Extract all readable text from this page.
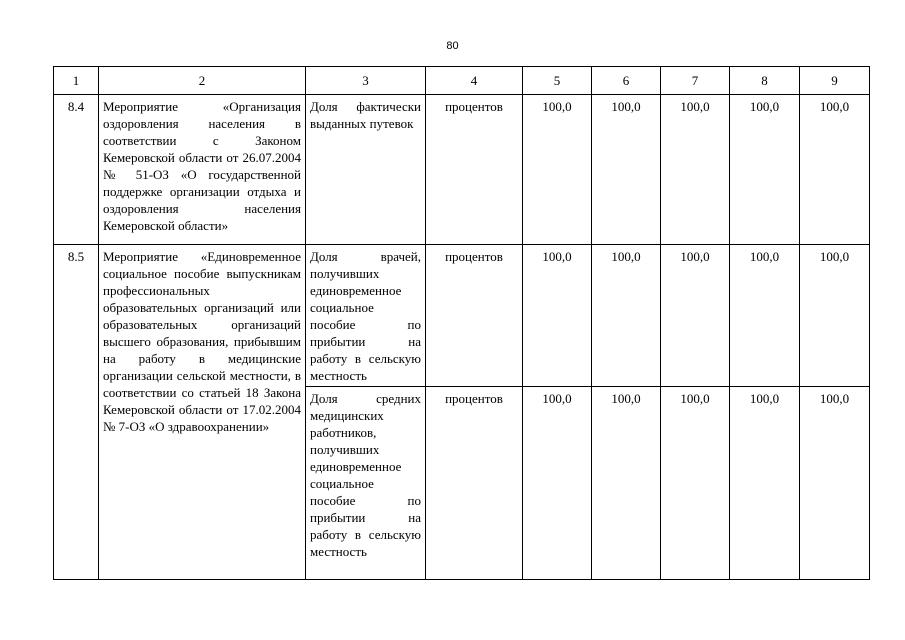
80
1	2	3	4	5	6	7	8	9
8.4	Мероприятие «Организация оздоровления населения в соответствии с Законом Кемеровской области от 26.07.2004 № 51-ОЗ «О государственной поддержке организации отдыха и оздоровления населения Кемеровской области»	Доля фактически выданных путевок	процентов	100,0	100,0	100,0	100,0	100,0
8.5	Мероприятие «Единовременное социальное пособие выпускникам профессиональных образовательных организаций или образовательных организаций высшего образования, прибывшим на работу в медицинские организации сельской местности, в соответствии со статьей 18 Закона Кемеровской области от 17.02.2004 № 7-ОЗ «О здравоохранении»	Доля врачей, получивших единовременное социальное пособие по прибытии на работу в сельскую местность	процентов	100,0	100,0	100,0	100,0	100,0
		Доля средних медицинских работников, получивших единовременное социальное пособие по прибытии на работу в сельскую местность	процентов	100,0	100,0	100,0	100,0	100,0
